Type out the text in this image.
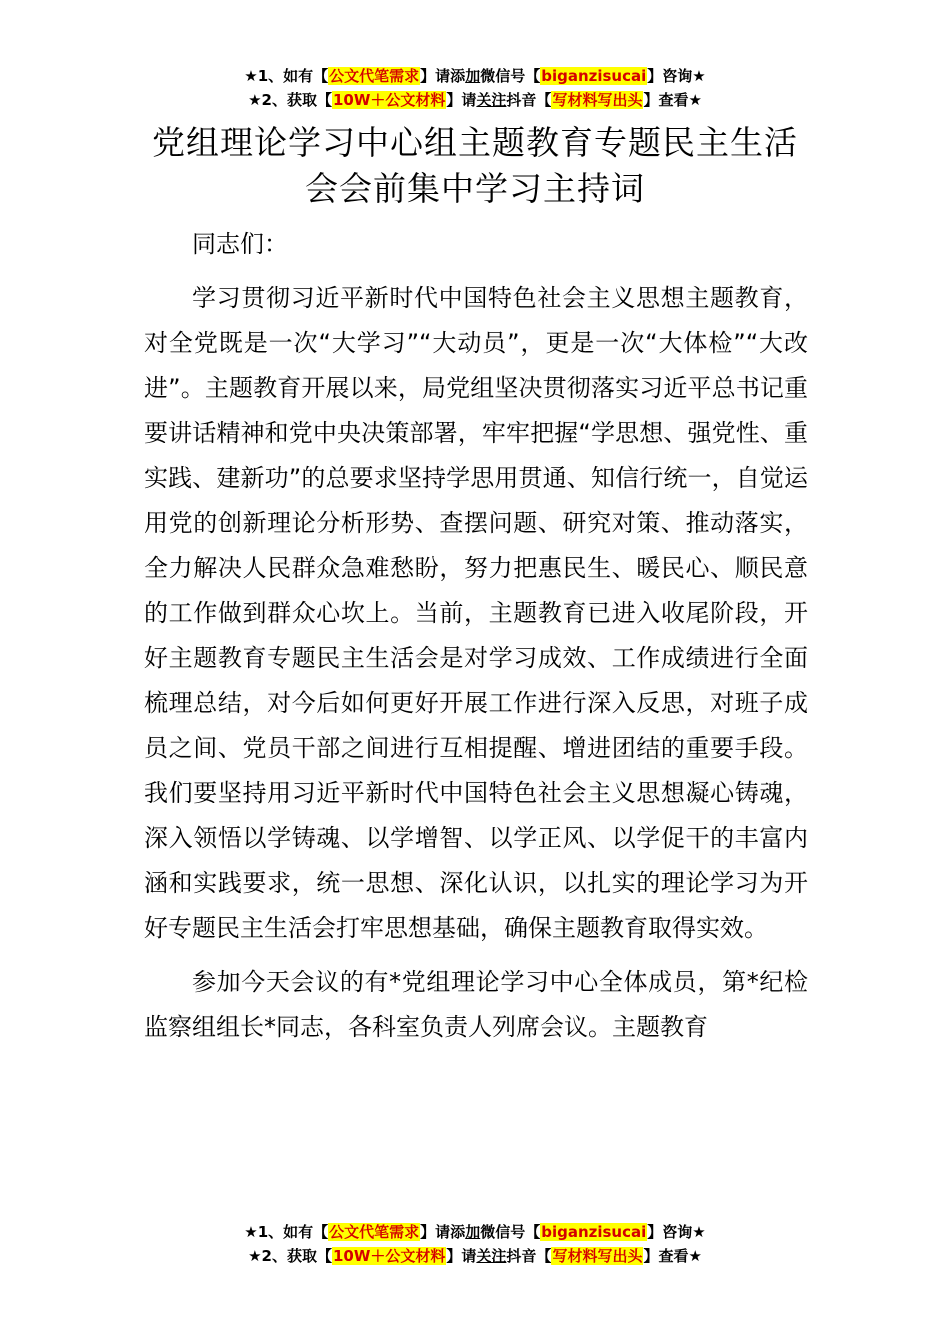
★1、如有【公文代笔需求】请添加微信号【biganzisucai】咨询★
★2、获取【10W＋公文材料】请关注抖音【写材料写出头】查看★
党组理论学习中心组主题教育专题民主生活
会会前集中学习主持词

同志们：

学习贯彻习近平新时代中国特色社会主义思想主题教育，对全党既是一次“大学习”“大动员”，更是一次“大体检”“大改进”。主题教育开展以来，局党组坚决贯彻落实习近平总书记重要讲话精神和党中央决策部署，牢牢把握“学思想、强党性、重实践、建新功”的总要求坚持学思用贯通、知信行统一，自觉运用党的创新理论分析形势、查摆问题、研究对策、推动落实，全力解决人民群众急难愁盼，努力把惠民生、暖民心、顺民意的工作做到群众心坎上。当前，主题教育已进入收尾阶段，开好主题教育专题民主生活会是对学习成效、工作成绩进行全面梳理总结，对今后如何更好开展工作进行深入反思，对班子成员之间、党员干部之间进行互相提醒、增进团结的重要手段。我们要坚持用习近平新时代中国特色社会主义思想凝心铸魂，深入领悟以学铸魂、以学增智、以学正风、以学促干的丰富内涵和实践要求，统一思想、深化认识，以扎实的理论学习为开好专题民主生活会打牢思想基础，确保主题教育取得实效。

参加今天会议的有*党组理论学习中心全体成员，第*纪检监察组组长*同志，各科室负责人列席会议。主题教育

★1、如有【公文代笔需求】请添加微信号【biganzisucai】咨询★
★2、获取【10W＋公文材料】请关注抖音【写材料写出头】查看★
